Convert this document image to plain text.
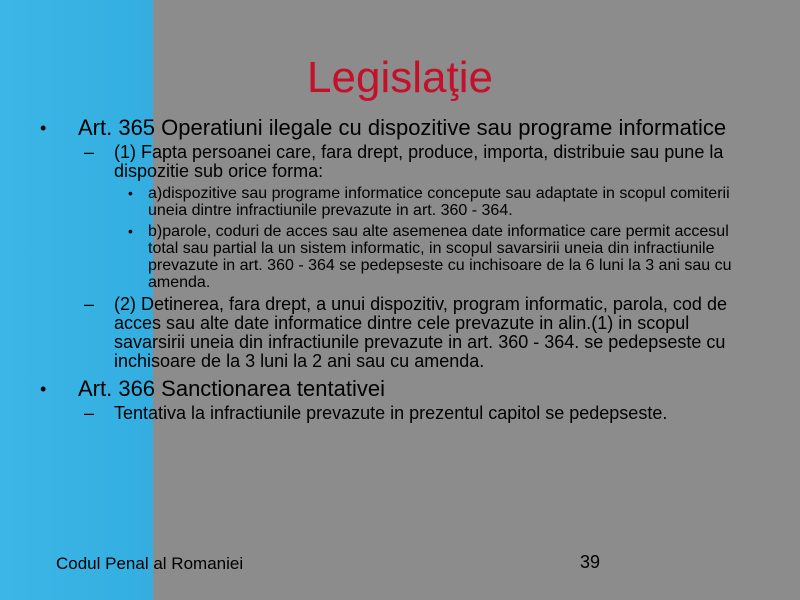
Legislaţie
• Art. 365 Operatiuni ilegale cu dispozitive sau programe informatice
– (1) Fapta persoanei care, fara drept, produce, importa, distribuie sau pune la dispozitie sub orice forma:
• a)dispozitive sau programe informatice concepute sau adaptate in scopul comiterii uneia dintre infractiunile prevazute in art. 360 - 364.
• b)parole, coduri de acces sau alte asemenea date informatice care permit accesul total sau partial la un sistem informatic, in scopul savarsirii uneia din infractiunile prevazute in art. 360 - 364 se pedepseste cu inchisoare de la 6 luni la 3 ani sau cu amenda.
– (2) Detinerea, fara drept, a unui dispozitiv, program informatic, parola, cod de acces sau alte date informatice dintre cele prevazute in alin.(1) in scopul savarsirii uneia din infractiunile prevazute in art. 360 - 364. se pedepseste cu inchisoare de la 3 luni la 2 ani sau cu amenda.
• Art. 366 Sanctionarea tentativei
– Tentativa la infractiunile prevazute in prezentul capitol se pedepseste.
Codul Penal al Romaniei	39
